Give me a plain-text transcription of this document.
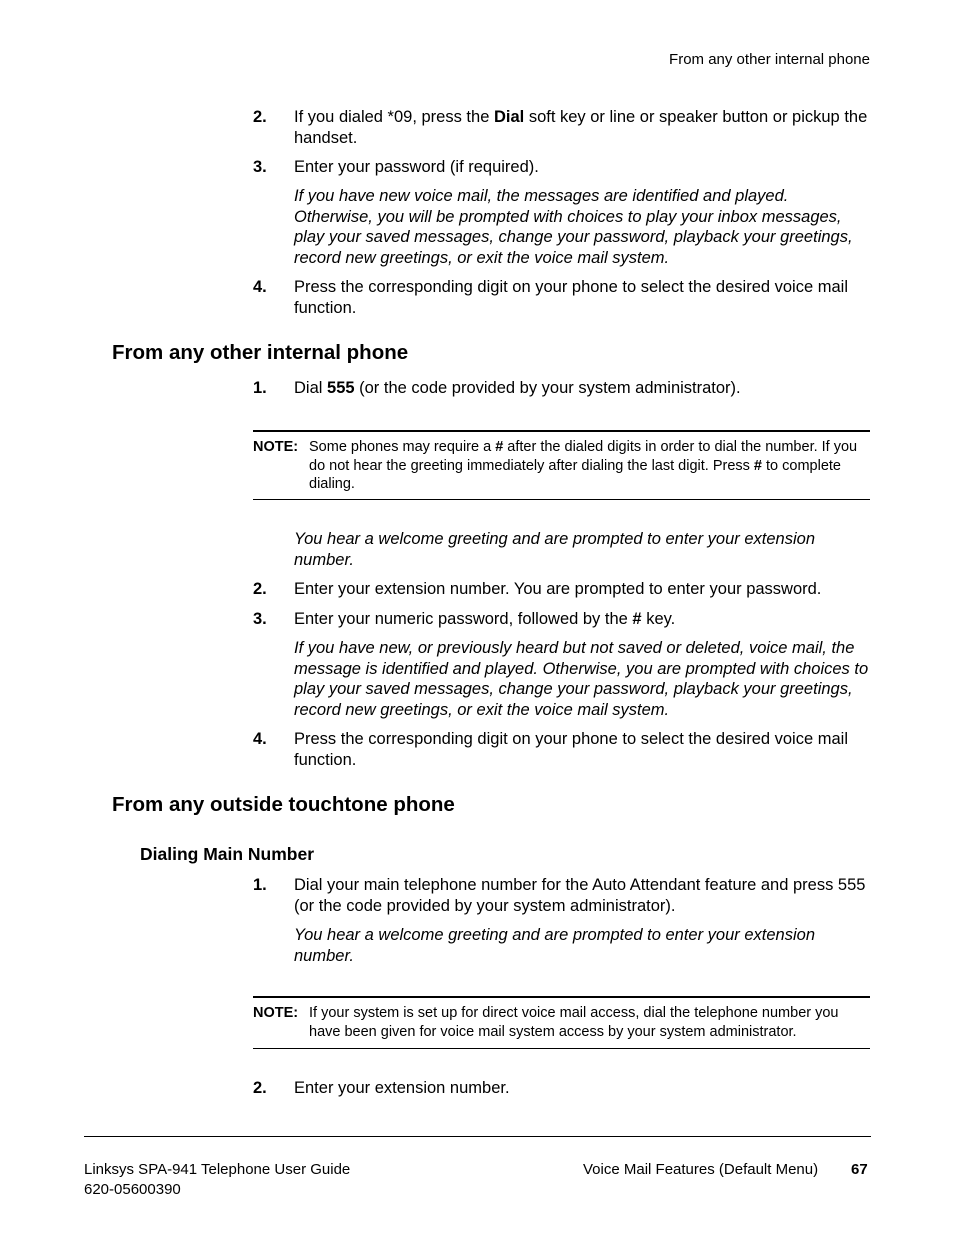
From any other internal phone
2. If you dialed *09, press the Dial soft key or line or speaker button or pickup the handset.
3. Enter your password (if required).
If you have new voice mail, the messages are identified and played. Otherwise, you will be prompted with choices to play your inbox messages, play your saved messages, change your password, playback your greetings, record new greetings, or exit the voice mail system.
4. Press the corresponding digit on your phone to select the desired voice mail function.
From any other internal phone
1. Dial 555 (or the code provided by your system administrator).
NOTE: Some phones may require a # after the dialed digits in order to dial the number. If you do not hear the greeting immediately after dialing the last digit. Press # to complete dialing.
You hear a welcome greeting and are prompted to enter your extension number.
2. Enter your extension number. You are prompted to enter your password.
3. Enter your numeric password, followed by the # key.
If you have new, or previously heard but not saved or deleted, voice mail, the message is identified and played. Otherwise, you are prompted with choices to play your saved messages, change your password, playback your greetings, record new greetings, or exit the voice mail system.
4. Press the corresponding digit on your phone to select the desired voice mail function.
From any outside touchtone phone
Dialing Main Number
1. Dial your main telephone number for the Auto Attendant feature and press 555 (or the code provided by your system administrator).
You hear a welcome greeting and are prompted to enter your extension number.
NOTE: If your system is set up for direct voice mail access, dial the telephone number you have been given for voice mail system access by your system administrator.
2. Enter your extension number.
Linksys SPA-941 Telephone User Guide
620-05600390
Voice Mail Features (Default Menu) 67
